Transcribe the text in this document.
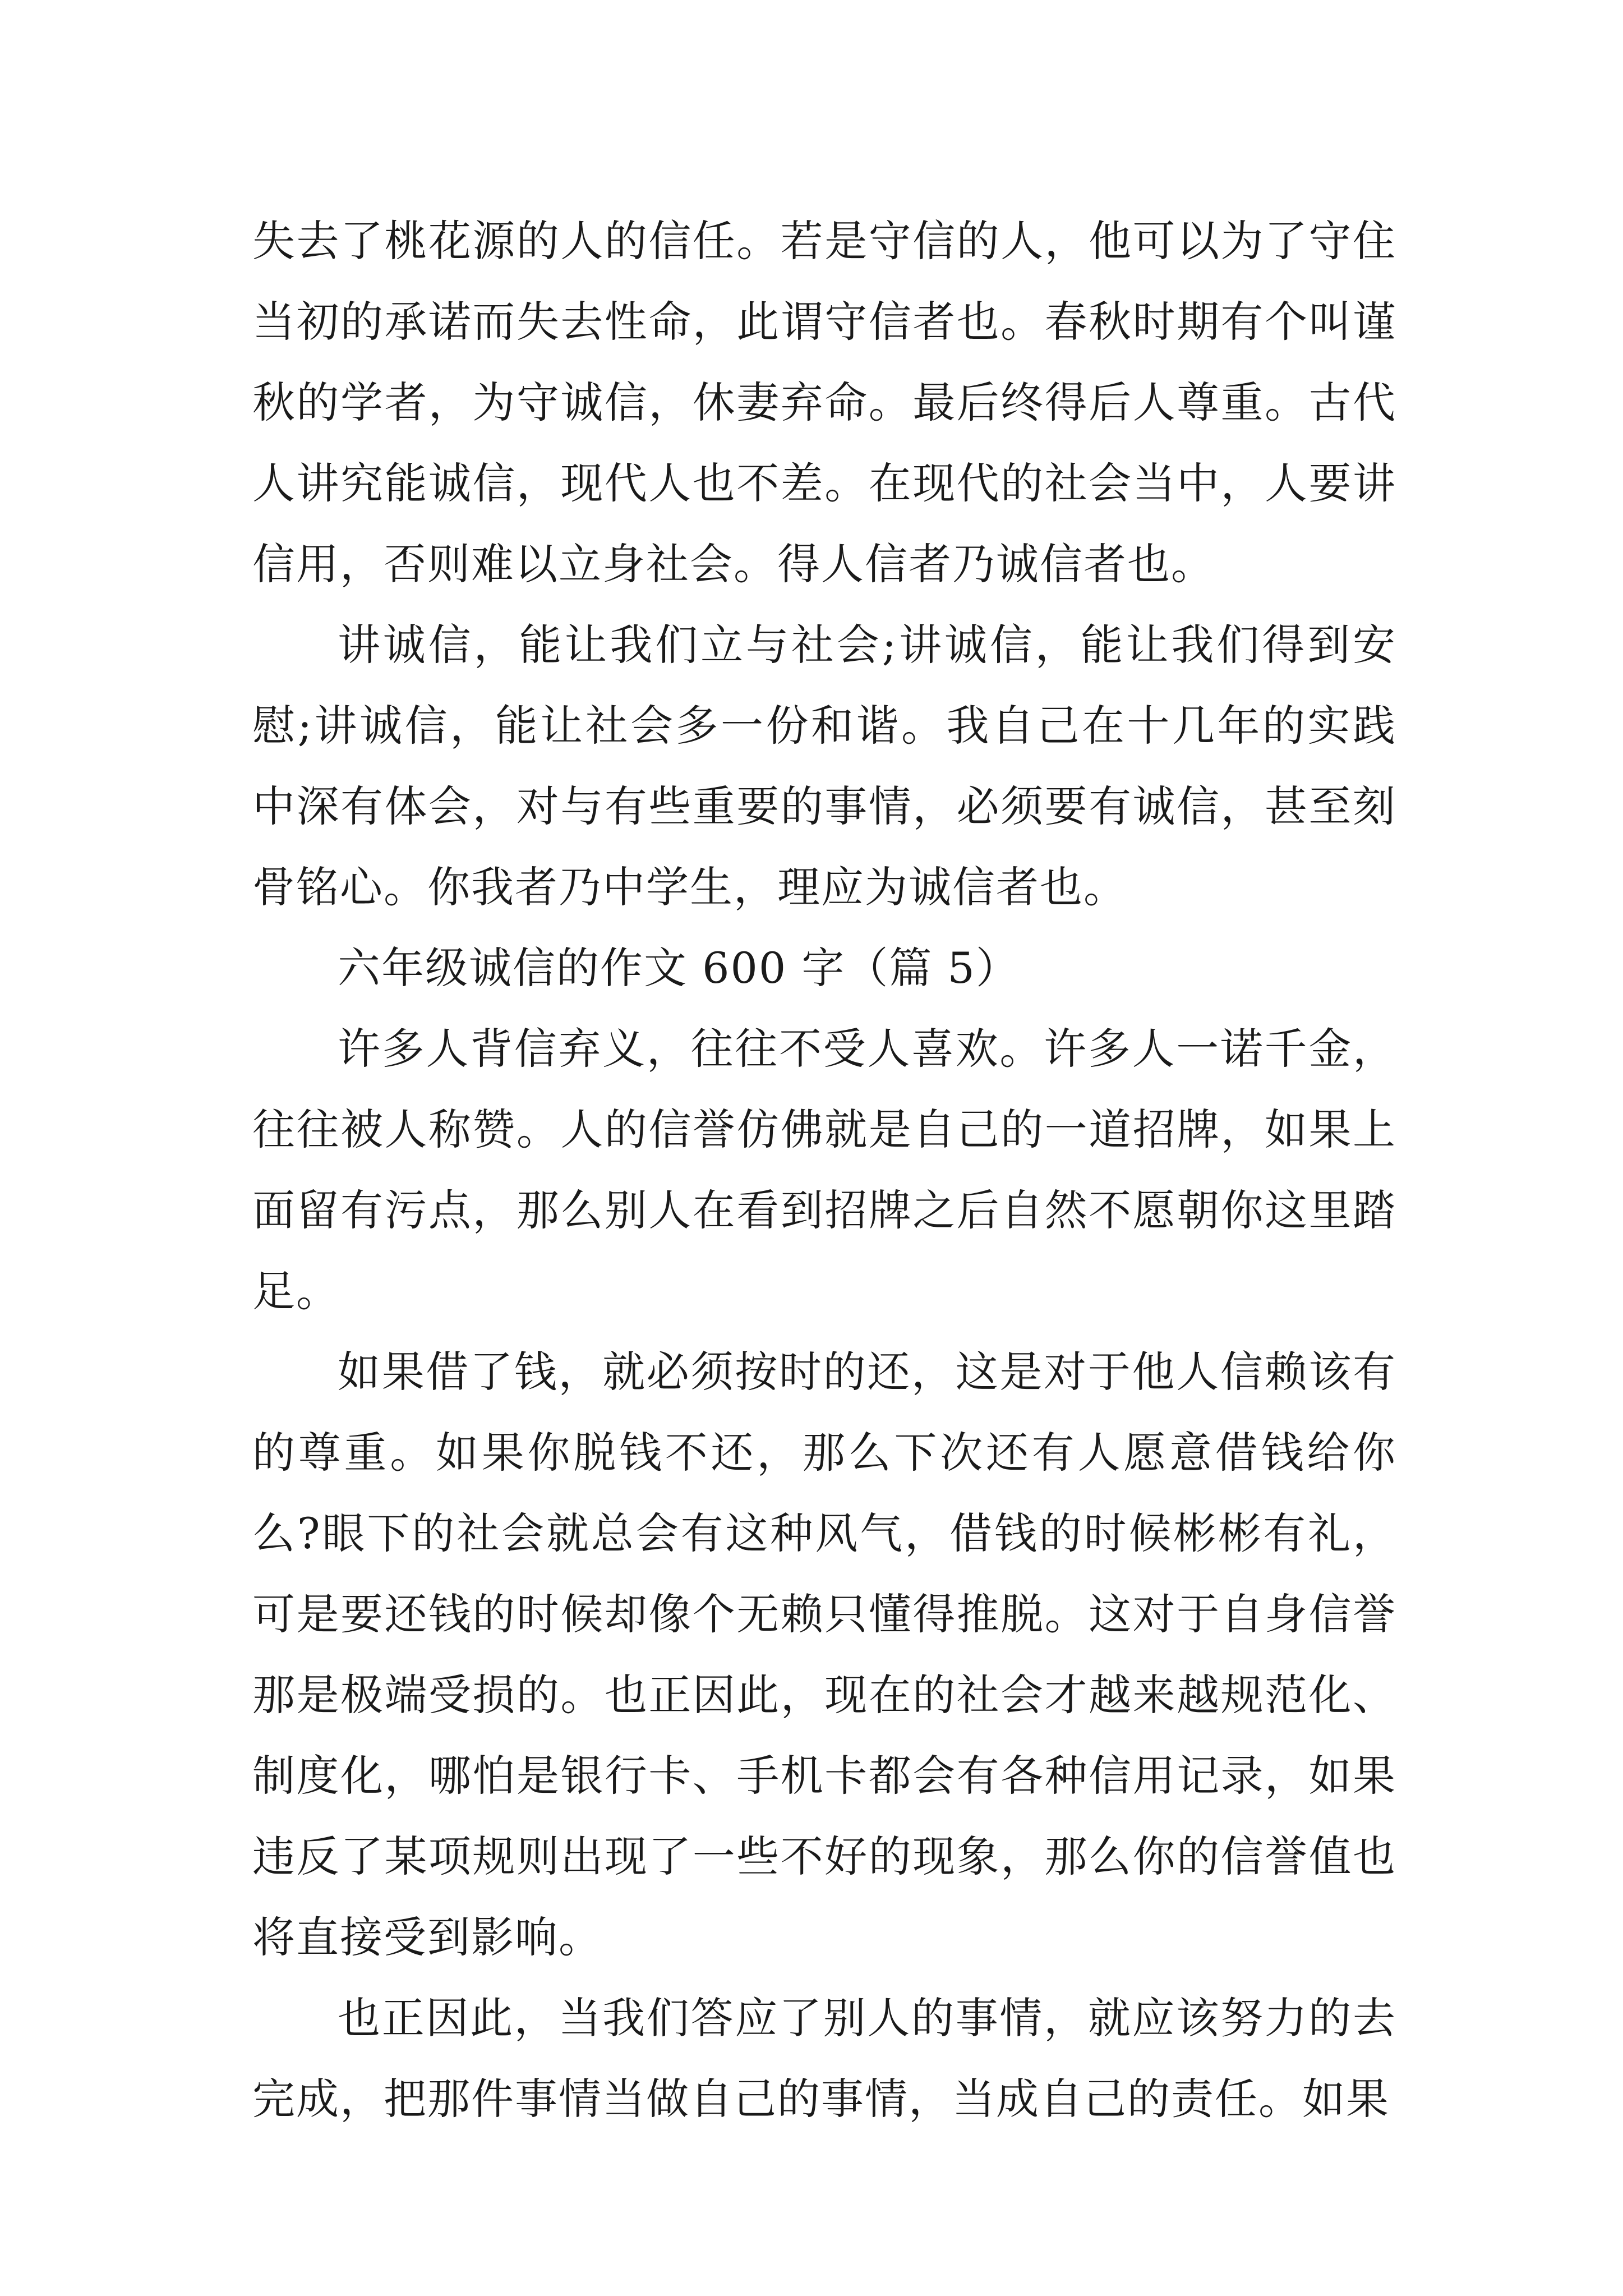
失去了桃花源的人的信任。若是守信的人，他可以为了守住当初的承诺而失去性命，此谓守信者也。春秋时期有个叫谨秋的学者，为守诚信，休妻弃命。最后终得后人尊重。古代人讲究能诚信，现代人也不差。在现代的社会当中，人要讲信用，否则难以立身社会。得人信者乃诚信者也。

讲诚信，能让我们立与社会;讲诚信，能让我们得到安慰;讲诚信，能让社会多一份和谐。我自己在十几年的实践中深有体会，对与有些重要的事情，必须要有诚信，甚至刻骨铭心。你我者乃中学生，理应为诚信者也。

六年级诚信的作文 600 字（篇 5）

许多人背信弃义，往往不受人喜欢。许多人一诺千金，往往被人称赞。人的信誉仿佛就是自己的一道招牌，如果上面留有污点，那么别人在看到招牌之后自然不愿朝你这里踏足。

如果借了钱，就必须按时的还，这是对于他人信赖该有的尊重。如果你脱钱不还，那么下次还有人愿意借钱给你么?眼下的社会就总会有这种风气，借钱的时候彬彬有礼，可是要还钱的时候却像个无赖只懂得推脱。这对于自身信誉那是极端受损的。也正因此，现在的社会才越来越规范化、制度化，哪怕是银行卡、手机卡都会有各种信用记录，如果违反了某项规则出现了一些不好的现象，那么你的信誉值也将直接受到影响。

也正因此，当我们答应了别人的事情，就应该努力的去完成，把那件事情当做自己的事情，当成自己的责任。如果
